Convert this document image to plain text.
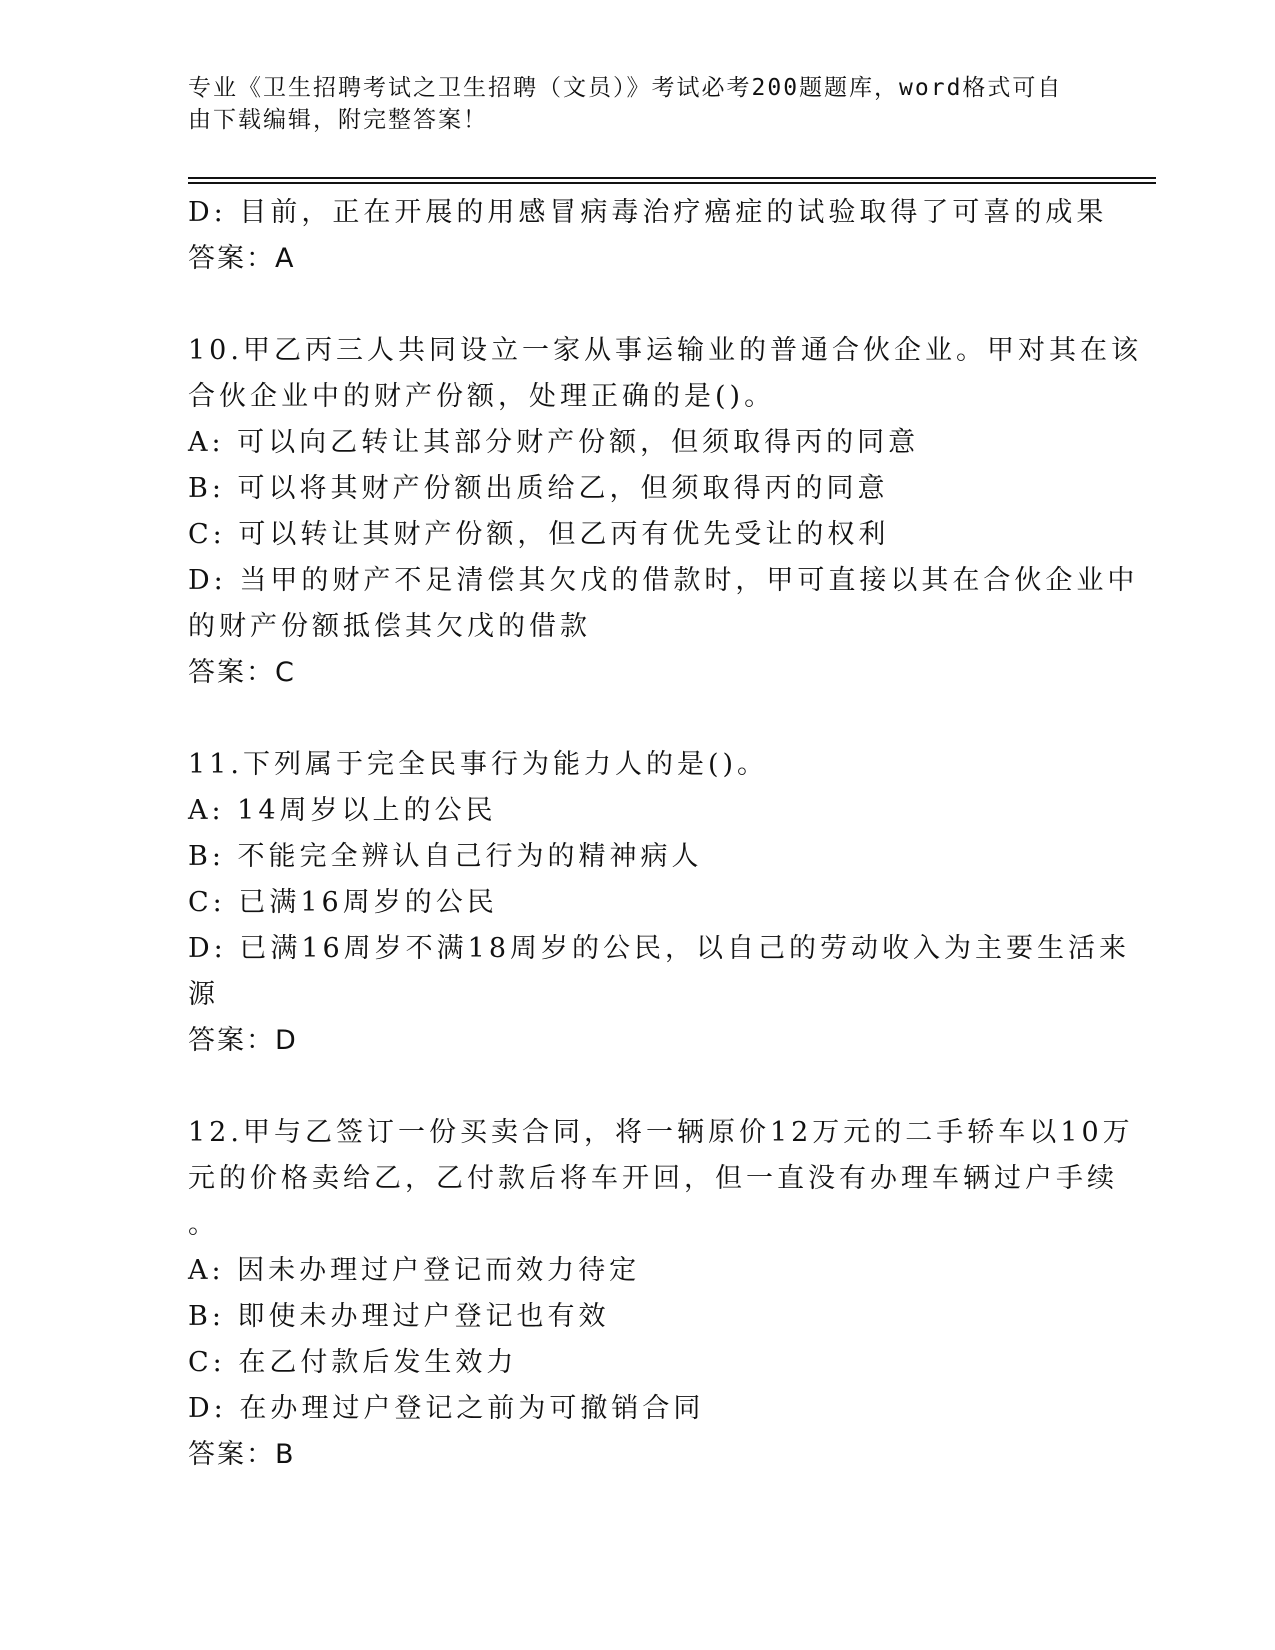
专业《卫生招聘考试之卫生招聘（文员）》考试必考200题题库，word格式可自
由下载编辑，附完整答案！
D: 目前，正在开展的用感冒病毒治疗癌症的试验取得了可喜的成果
答案：A
10.甲乙丙三人共同设立一家从事运输业的普通合伙企业。甲对其在该
合伙企业中的财产份额，处理正确的是()。
A: 可以向乙转让其部分财产份额，但须取得丙的同意
B: 可以将其财产份额出质给乙，但须取得丙的同意
C: 可以转让其财产份额，但乙丙有优先受让的权利
D: 当甲的财产不足清偿其欠戊的借款时，甲可直接以其在合伙企业中
的财产份额抵偿其欠戊的借款
答案：C
11.下列属于完全民事行为能力人的是()。
A: 14周岁以上的公民
B: 不能完全辨认自己行为的精神病人
C: 已满16周岁的公民
D: 已满16周岁不满18周岁的公民，以自己的劳动收入为主要生活来
源
答案：D
12.甲与乙签订一份买卖合同，将一辆原价12万元的二手轿车以10万
元的价格卖给乙，乙付款后将车开回，但一直没有办理车辆过户手续
。
A: 因未办理过户登记而效力待定
B: 即使未办理过户登记也有效
C: 在乙付款后发生效力
D: 在办理过户登记之前为可撤销合同
答案：B
